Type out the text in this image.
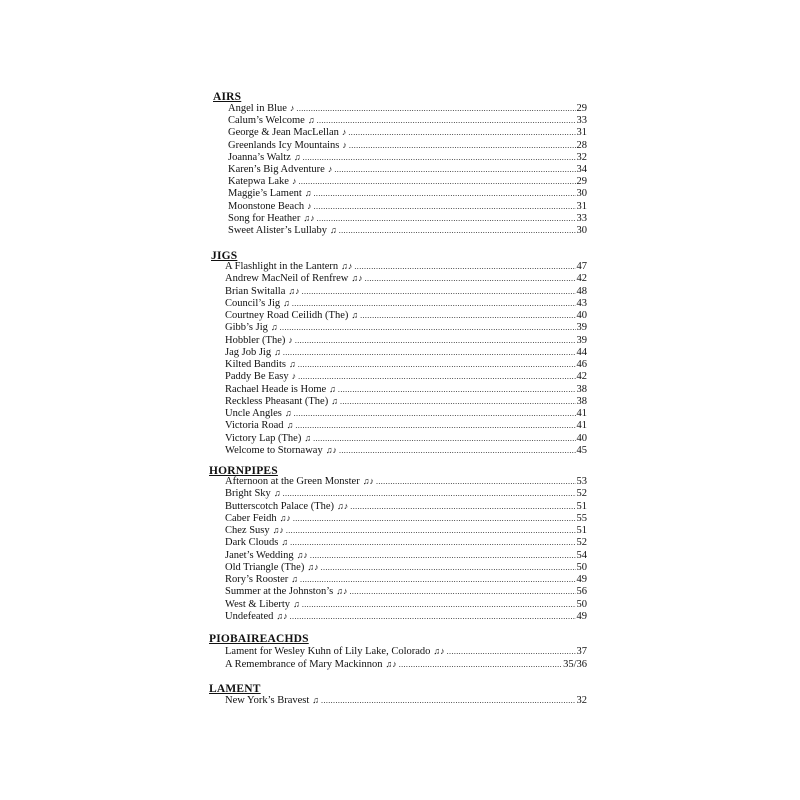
AIRS
Angel in Blue ♪ .....	29
Calum’s Welcome ♫ .....	33
George & Jean MacLellan ♪ .....	31
Greenlands Icy Mountains ♪ .....	28
Joanna’s Waltz ♫ .....	32
Karen’s Big Adventure ♪ .....	34
Katepwa Lake ♪ .....	29
Maggie’s Lament ♫ .....	30
Moonstone Beach ♪ .....	31
Song for Heather ♫♪ .....	33
Sweet Alister’s Lullaby ♫ .....	30
JIGS
A Flashlight in the Lantern ♫♪ .....	47
Andrew MacNeil of Renfrew ♫♪ .....	42
Brian Switalla ♫♪ .....	48
Council’s Jig ♫ .....	43
Courtney Road Ceilidh (The) ♫ .....	40
Gibb’s Jig ♫ .....	39
Hobbler (The) ♪ .....	39
Jag Job Jig ♫ .....	44
Kilted Bandits ♫ .....	46
Paddy Be Easy ♪ .....	42
Rachael Heade is Home ♫ .....	38
Reckless Pheasant (The) ♫ .....	38
Uncle Angles ♫ .....	41
Victoria Road ♫ .....	41
Victory Lap (The) ♫ .....	40
Welcome to Stornaway ♫♪ .....	45
HORNPIPES
Afternoon at the Green Monster ♫♪ .....	53
Bright Sky ♫ .....	52
Butterscotch Palace (The) ♫♪ .....	51
Caber Feidh ♫♪ .....	55
Chez Susy ♫♪ .....	51
Dark Clouds ♫ .....	52
Janet’s Wedding ♫♪ .....	54
Old Triangle (The) ♫♪ .....	50
Rory’s Rooster ♫ .....	49
Summer at the Johnston’s ♫♪ .....	56
West & Liberty ♫ .....	50
Undefeated ♫♪ .....	49
PIOBAIREACHDS
Lament for Wesley Kuhn of Lily Lake, Colorado ♫♪ .....	37
A Remembrance of Mary Mackinnon ♫♪ .....	35/36
LAMENT
New York’s Bravest ♫ .....	32
